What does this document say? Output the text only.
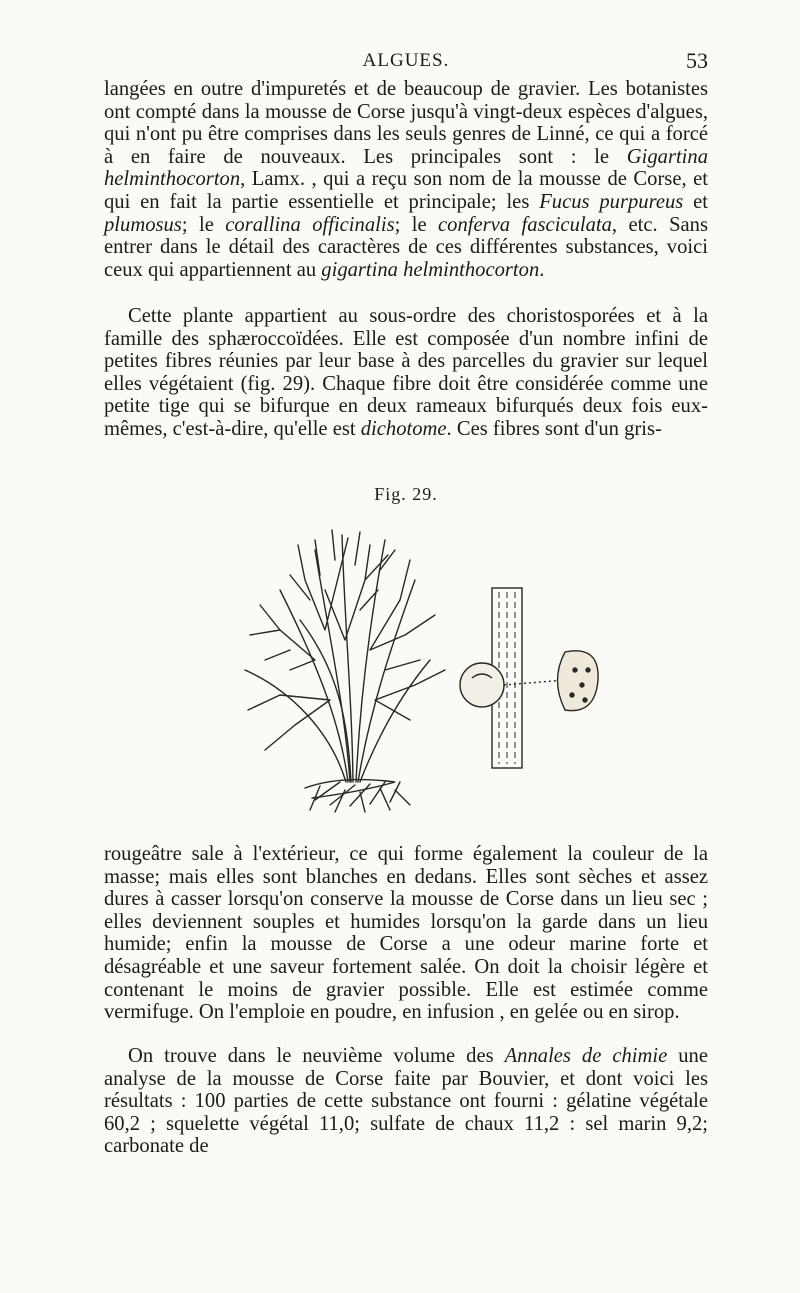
ALGUES.	53

langées en outre d'impuretés et de beaucoup de gravier. Les botanistes ont compté dans la mousse de Corse jusqu'à vingt-deux espèces d'algues, qui n'ont pu être comprises dans les seuls genres de Linné, ce qui a forcé à en faire de nouveaux. Les principales sont : le Gigartina helminthocorton, Lamx. , qui a reçu son nom de la mousse de Corse, et qui en fait la partie essentielle et principale; les Fucus purpureus et plumosus; le corallina officinalis; le conferva fasciculata, etc. Sans entrer dans le détail des caractères de ces différentes substances, voici ceux qui appartiennent au gigartina helminthocorton.

Cette plante appartient au sous-ordre des choristosporées et à la famille des sphæroccoïdées. Elle est composée d'un nombre infini de petites fibres réunies par leur base à des parcelles du gravier sur lequel elles végétaient (fig. 29). Chaque fibre doit être considérée comme une petite tige qui se bifurque en deux rameaux bifurqués deux fois eux-mêmes, c'est-à-dire, qu'elle est dichotome. Ces fibres sont d'un gris-

Fig. 29.

rougeâtre sale à l'extérieur, ce qui forme également la couleur de la masse; mais elles sont blanches en dedans. Elles sont sèches et assez dures à casser lorsqu'on conserve la mousse de Corse dans un lieu sec ; elles deviennent souples et humides lorsqu'on la garde dans un lieu humide; enfin la mousse de Corse a une odeur marine forte et désagréable et une saveur fortement salée. On doit la choisir légère et contenant le moins de gravier possible. Elle est estimée comme vermifuge. On l'emploie en poudre, en infusion , en gelée ou en sirop.

On trouve dans le neuvième volume des Annales de chimie une analyse de la mousse de Corse faite par Bouvier, et dont voici les résultats : 100 parties de cette substance ont fourni : gélatine végétale 60,2 ; squelette végétal 11,0; sulfate de chaux 11,2 : sel marin 9,2; carbonate de
